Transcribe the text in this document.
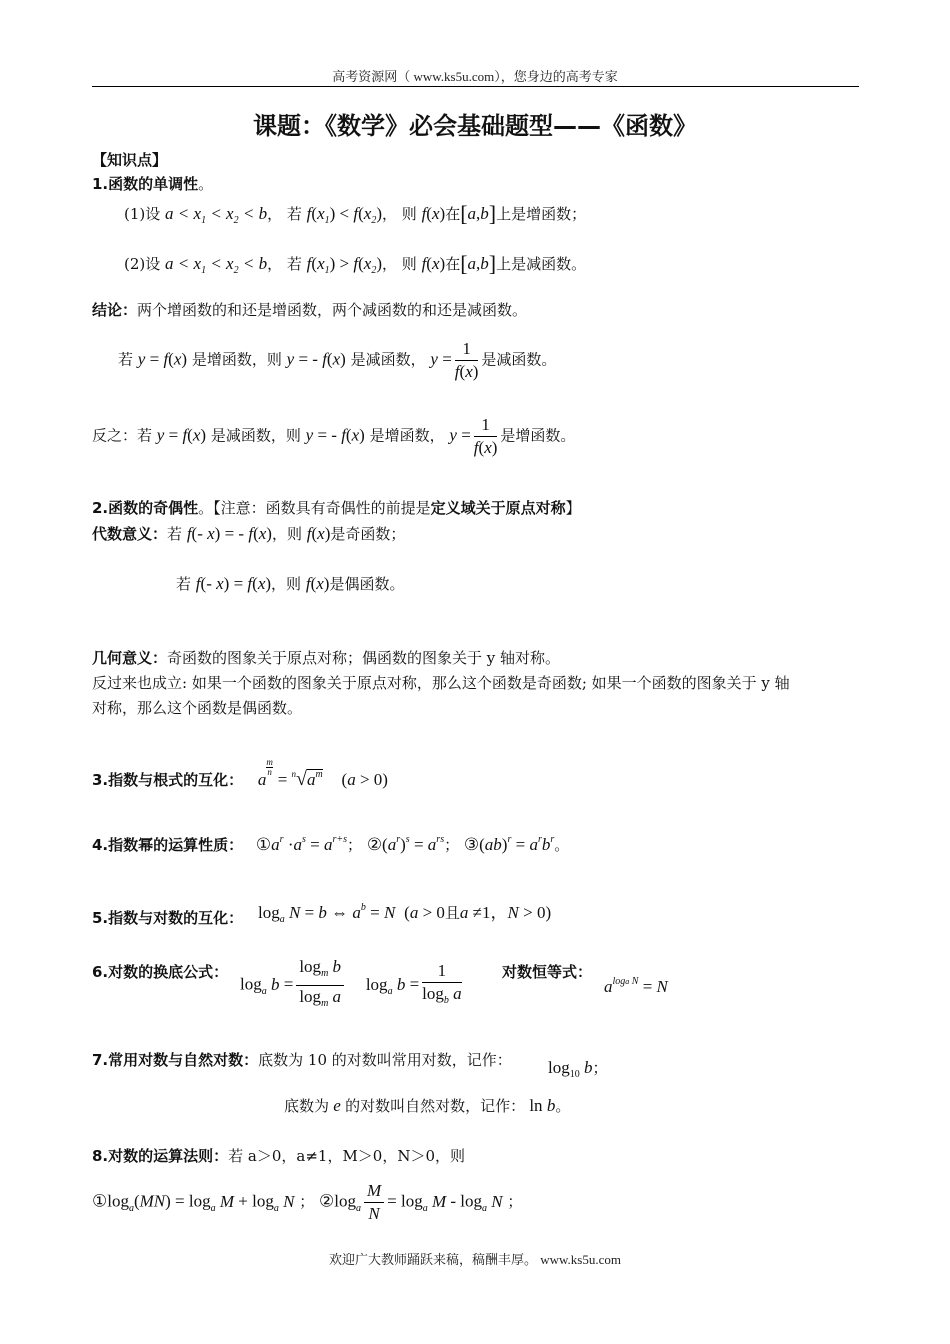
高考资源网（ www.ks5u.com），您身边的高考专家
课题：《数学》必会基础题型——《函数》
【知识点】
1.函数的单调性。
(1)设 $a < x_1 < x_2 < b$， 若 $f(x_1) < f(x_2)$， 则 f(x)在[a,b]上是增函数；
(2)设 $a < x_1 < x_2 < b$， 若 $f(x_1) > f(x_2)$， 则 f(x)在[a,b]上是减函数。
结论：两个增函数的和还是增函数，两个减函数的和还是减函数。
若 y = f(x) 是增函数，则 y = - f(x) 是减函数， $y = \frac{1}{f(x)}$ 是减函数。
反之：若 y = f(x) 是减函数，则 y = - f(x) 是增函数， $y = \frac{1}{f(x)}$ 是增函数。
2.函数的奇偶性。【注意：函数具有奇偶性的前提是定义域关于原点对称】
代数意义：若 f(- x) = - f(x)，则 f(x)是奇函数；
若 f(- x) = f(x)，则 f(x)是偶函数。
几何意义：奇函数的图象关于原点对称；偶函数的图象关于 y 轴对称。
反过来也成立: 如果一个函数的图象关于原点对称，那么这个函数是奇函数; 如果一个函数的图象关于 y 轴
对称，那么这个函数是偶函数。
3.指数与根式的互化： a
$\frac{m}{n}$
= $^n√a^m$ (a > 0)
4.指数幂的运算性质： $①a^r \cdot a^s = a^{r+s}$； $②(a^r)^s = a^{rs}$； ③(ab)$^r$ = $a^rb^r$。
$\log_a N = b$ ⇔ $a^b = N$ (a > 0且a ≠1，N > 0)
5.指数与对数的互化：
6.对数的换底公式：
$\log_a b = \frac{\log_m b}{\log_m a} \log_a b = \frac{1}{\log_b a}$	对数恒等式：
$a^{loga N} = N$
7.常用对数与自然对数：底数为 10 的对数叫常用对数，记作： $\log_{10} b$；
底数为 e 的对数叫自然对数，记作： ln b。
8.对数的运算法则：若 a＞0，a≠1，M＞0，N＞0，则
$①\log_a(MN) = \log_a M + \log_a N$ ； $②\log_a \frac{M}{N} = \log_a M - \log_a N$ ；
欢迎广大教师踊跃来稿，稿酬丰厚。 www.ks5u.com
